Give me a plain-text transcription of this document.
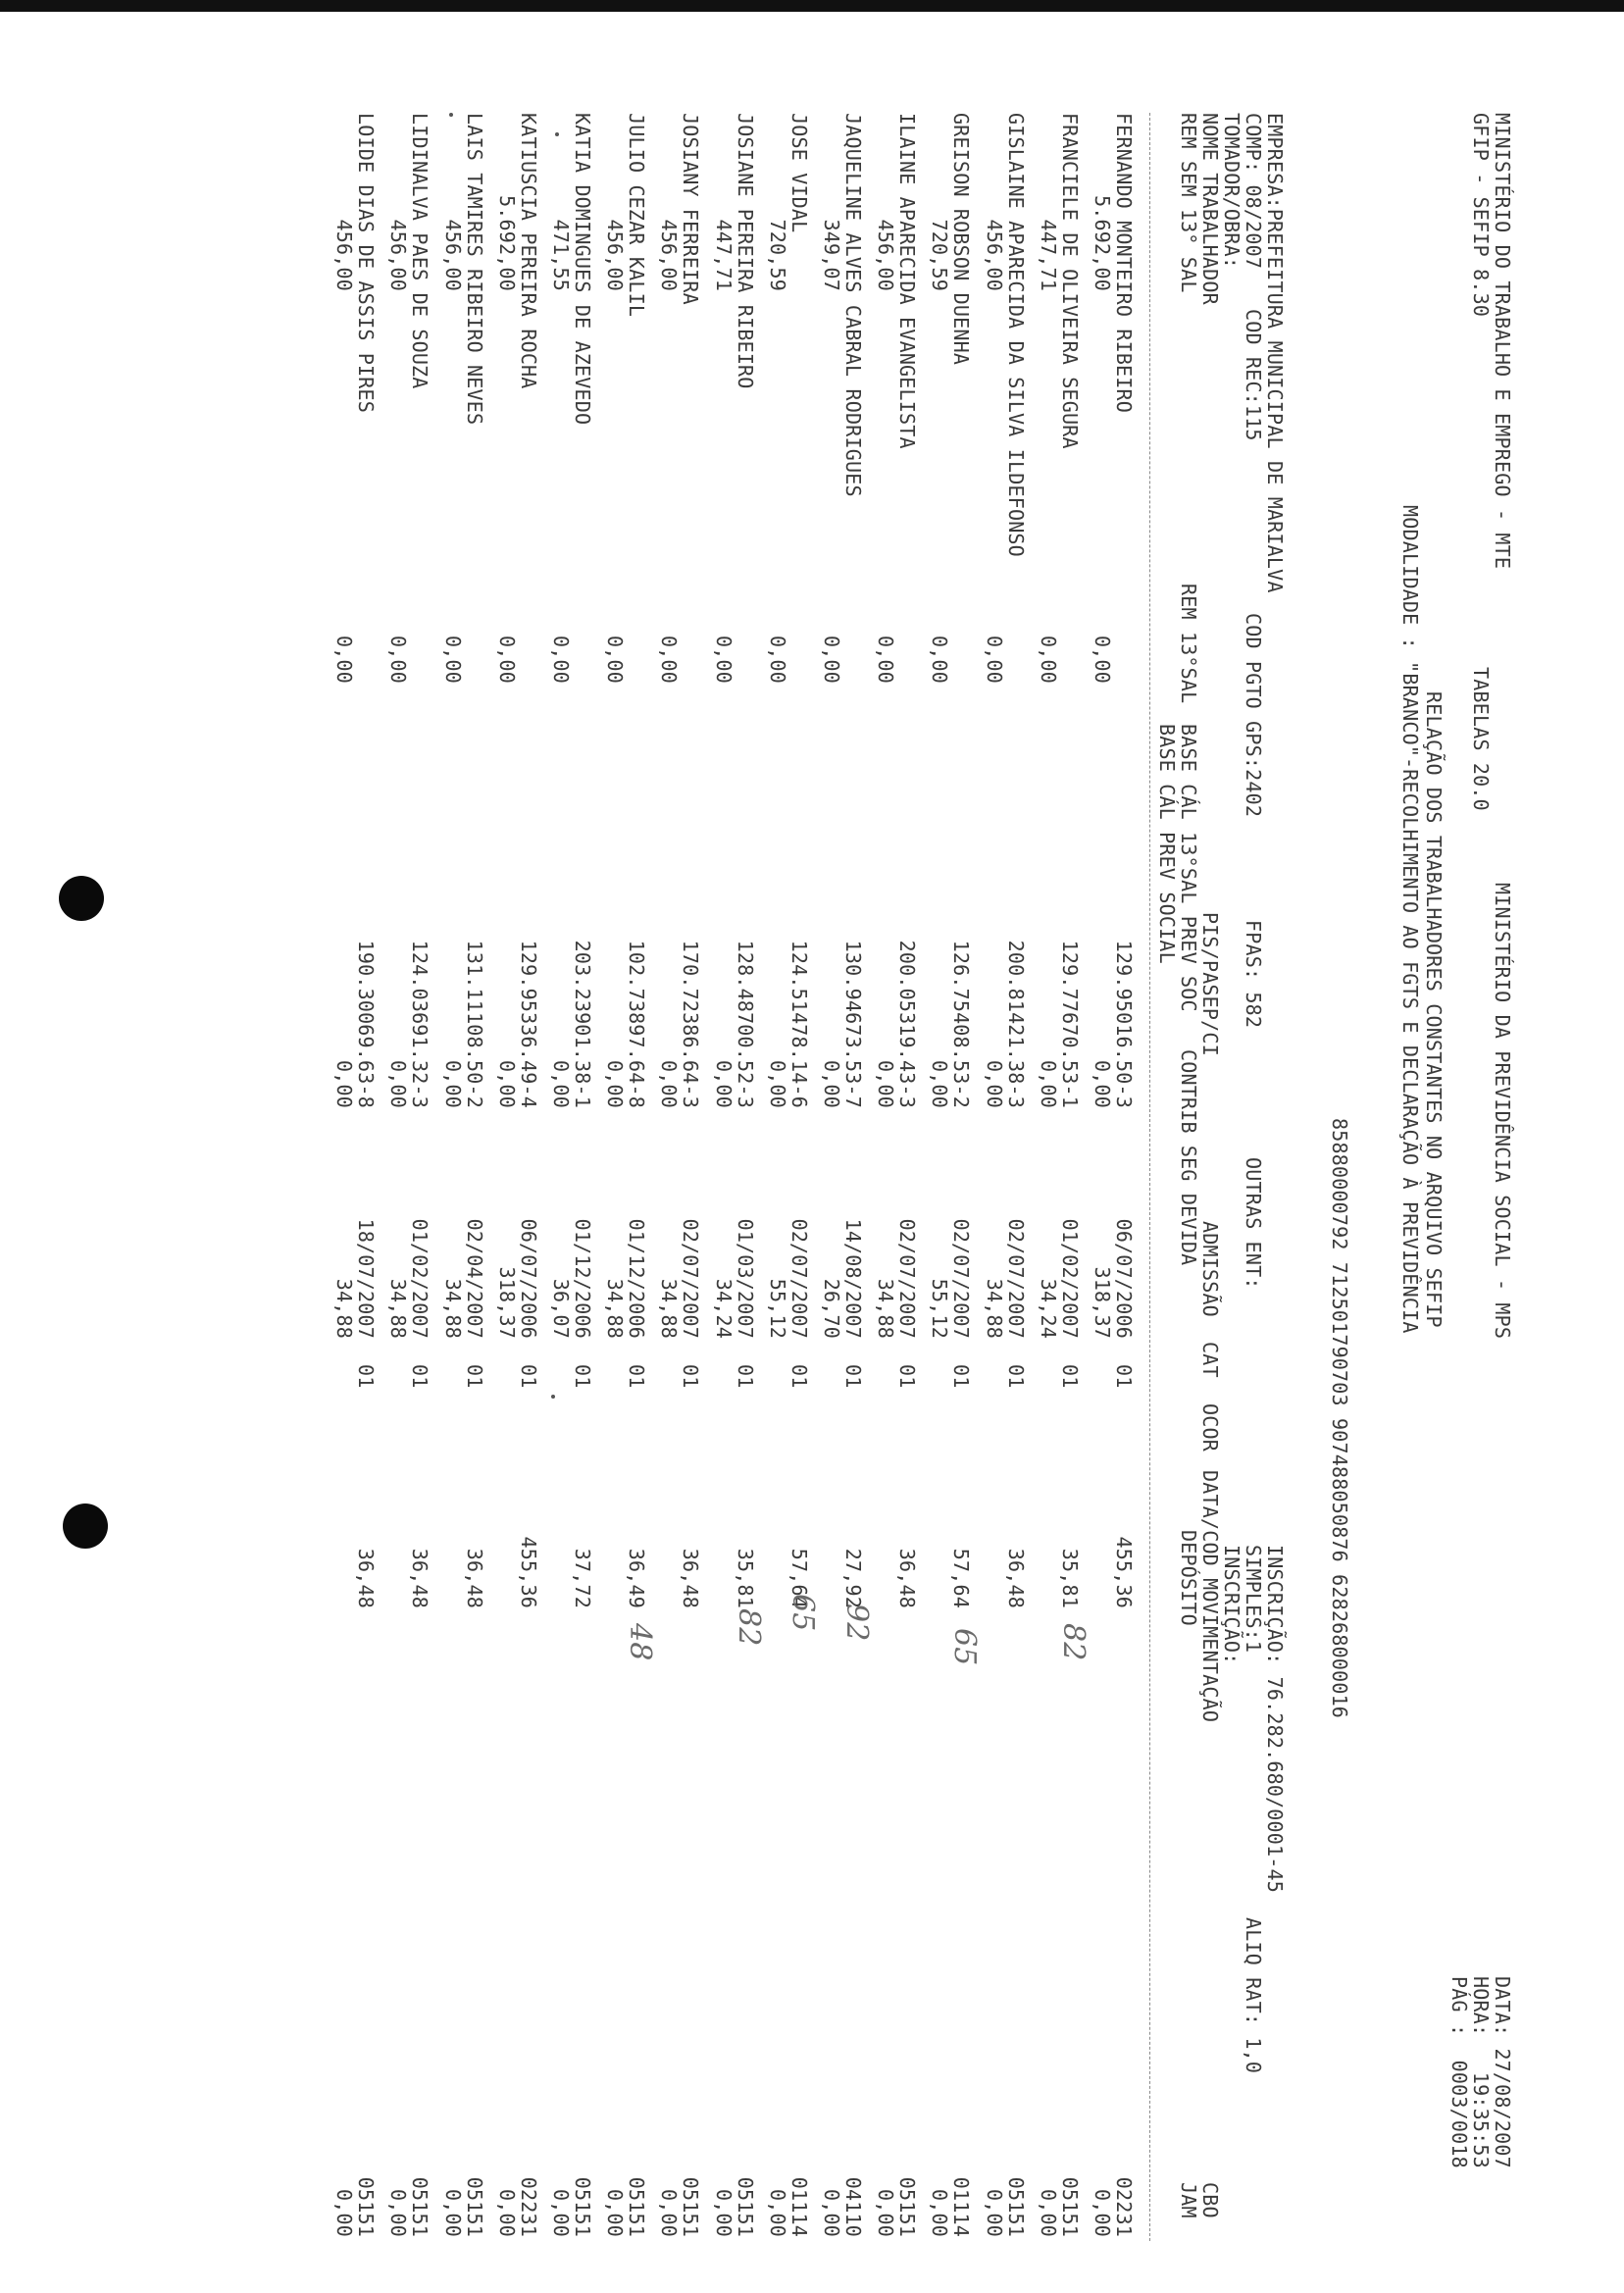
MINISTÉRIO DO TRABALHO E EMPREGO - MTE
MINISTÉRIO DA PREVIDÊNCIA SOCIAL - MPS
DATA: 27/08/2007
GFIP - SEFIP 8.30
TABELAS 20.0
HORA:   19:35:53
PÁG :  0003/0018
RELAÇÃO DOS TRABALHADORES CONSTANTES NO ARQUIVO SEFIP
MODALIDADE : "BRANCO"-RECOLHIMENTO AO FGTS E DECLARAÇÃO À PREVIDÊNCIA
85880000792 71250179070​3 90748805087​6 62826800001​6
EMPRESA:PREFEITURA MUNICIPAL DE MARIALVA
INSCRIÇÃO: 76.282.680/0001-45
COMP: 08/2007
COD REC:115
COD PGTO GPS:2402
FPAS: 582
OUTRAS ENT:
SIMPLES:1
ALIQ RAT: 1,0
TOMADOR/OBRA:
INSCRIÇÃO:
NOME TRABALHADOR
PIS/PASEP/CI
ADMISSÃO
CAT
OCOR
DATA/COD MOVIMENTAÇÃO
CBO
REM SEM 13° SAL
REM 13°SAL
BASE CÁL 13°SAL PREV SOC
CONTRIB SEG DEVIDA
DEPÓSITO
JAM
BASE CÁL PREV SOCIAL
FERNANDO MONTEIRO RIBEIRO
129.95016.50-3
06/07/2006
01
455,36
02231
5.692,00
0,00
0,00
318,37
0,00
FRANCIELE DE OLIVEIRA SEGURA
129.77670.53-1
01/02/2007
01
35,81
05151
447,71
0,00
0,00
34,24
0,00
82
GISLAINE APARECIDA DA SILVA ILDEFONSO
200.81421.38-3
02/07/2007
01
36,48
05151
456,00
0,00
0,00
34,88
0,00
GREISON ROBSON DUENHA
126.75408.53-2
02/07/2007
01
57,64
01114
720,59
0,00
0,00
55,12
0,00
65
ILAINE APARECIDA EVANGELISTA
200.05319.43-3
02/07/2007
01
36,48
05151
456,00
0,00
0,00
34,88
0,00
JAQUELINE ALVES CABRAL RODRIGUES
130.94673.53-7
14/08/2007
01
27,92
04110
349,07
0,00
0,00
26,70
0,00
92
JOSE VIDAL
124.51478.14-6
02/07/2007
01
57,64
01114
720,59
0,00
0,00
55,12
0,00
65
JOSIANE PEREIRA RIBEIRO
128.48700.52-3
01/03/2007
01
35,81
05151
447,71
0,00
0,00
34,24
0,00
82
JOSIANY FERREIRA
170.72386.64-3
02/07/2007
01
36,48
05151
456,00
0,00
0,00
34,88
0,00
JULIO CEZAR KALIL
102.73897.64-8
01/12/2006
01
36,49
05151
456,00
0,00
0,00
34,88
0,00
48
KATIA DOMINGUES DE AZEVEDO
203.23901.38-1
01/12/2006
01
37,72
05151
471,55
0,00
0,00
36,07
0,00
KATIUSCIA PEREIRA ROCHA
129.95336.49-4
06/07/2006
01
455,36
02231
5.692,00
0,00
0,00
318,37
0,00
LAIS TAMIRES RIBEIRO NEVES
131.11108.50-2
02/04/2007
01
36,48
05151
456,00
0,00
0,00
34,88
0,00
LIDINALVA PAES DE SOUZA
124.03691.32-3
01/02/2007
01
36,48
05151
456,00
0,00
0,00
34,88
0,00
LOIDE DIAS DE ASSIS PIRES
190.30069.63-8
18/07/2007
01
36,48
05151
456,00
0,00
0,00
34,88
0,00
